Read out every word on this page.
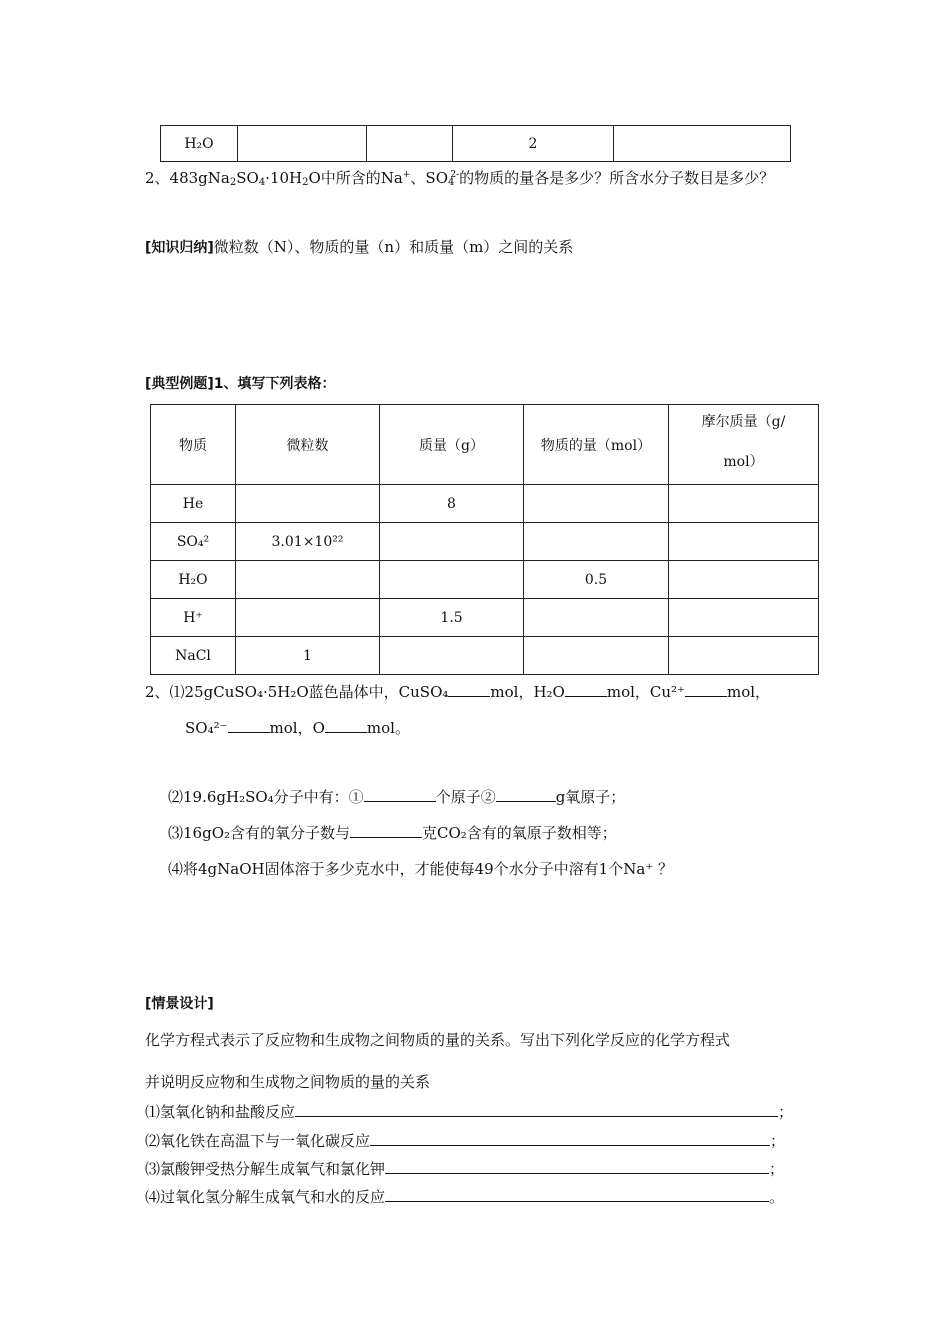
H₂O			2	
2、$483gNa_2SO_4\cdot 10H_2O$中所含的Na+、$SO_4^{2-}$的物质的量各是多少？所含水分子数目是多少？
[知识归纳]微粒数（N）、物质的量（n）和质量（m）之间的关系
[典型例题]1、填写下列表格：
物质	微粒数	质量（g）	物质的量（mol）	摩尔质量（g/
mol）

He		8		
SO₄²	3.01×10²²			
H₂O			0.5	
H⁺		1.5		
NaCl	1			
2、⑴25gCuSO₄·5H₂O蓝色晶体中，CuSO₄	mol，H₂O	mol，Cu²⁺	mol，
SO₄²⁻	mol，O	mol。
⑵19.6gH₂SO₄分子中有：①	个原子②	g氧原子；
⑶16gO₂含有的氧分子数与	克CO₂含有的氧原子数相等；
⑷将4gNaOH固体溶于多少克水中，才能使每49个水分子中溶有1个Na⁺ ？
[情景设计]
化学方程式表示了反应物和生成物之间物质的量的关系。写出下列化学反应的化学方程式
并说明反应物和生成物之间物质的量的关系
⑴氢氧化钠和盐酸反应	；
⑵氧化铁在高温下与一氧化碳反应	；
⑶氯酸钾受热分解生成氧气和氯化钾	；
⑷过氧化氢分解生成氧气和水的反应	。
